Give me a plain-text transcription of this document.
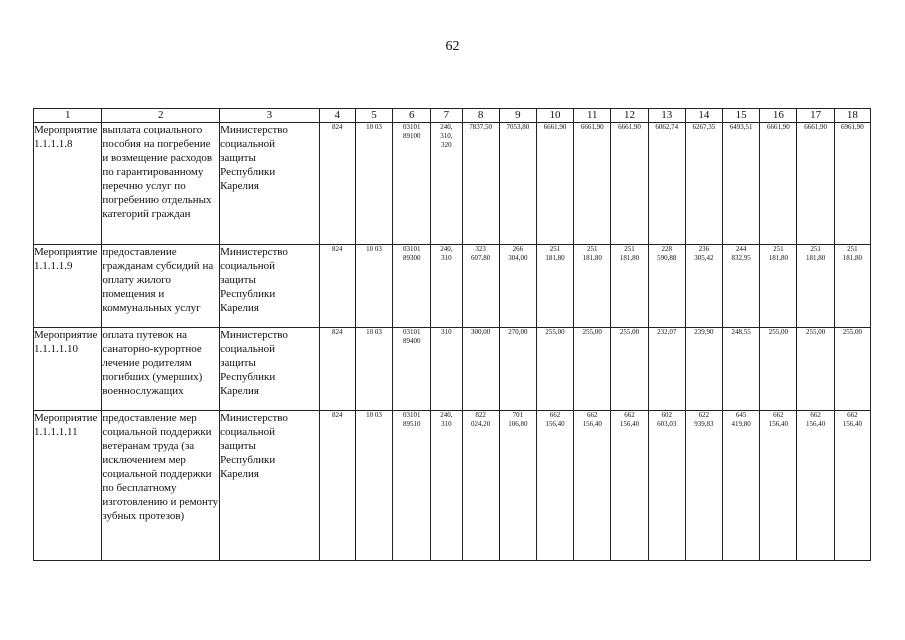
62
1	2	3	4	5	6	7	8	9	10	11	12	13	14	15	16	17	18
Мероприятие
1.1.1.1.8	выплата социального пособия на погребение и возмещение расходов по гарантированному перечню услуг по погребению отдельных категорий граждан	Министерство
социальной
защиты
Республики
Карелия	824	10 03	03101
89100	240,
310,
320	7837,50	7053,80	6661,90	6661,90	6661,90	6062,74	6267,35	6493,51	6661,90	6661,90	6961,90
Мероприятие
1.1.1.1.9	предоставление гражданам субсидий на оплату жилого помещения и коммунальных услуг	Министерство
социальной
защиты
Республики
Карелия	824	10 03	03101
89300	240,
310	323
607,80	266
304,00	251
181,80	251
181,80	251
181,80	228
590,88	236
305,42	244
832,95	251
181,80	251
181,80	251
181,80
Мероприятие
1.1.1.1.10	оплата путевок на санаторно-курортное лечение родителям погибших (умерших) военнослужащих	Министерство
социальной
защиты
Республики
Карелия	824	10 03	03101
89400	310	300,00	270,00	255,00	255,00	255,00	232,07	239,90	248,55	255,00	255,00	255,00
Мероприятие
1.1.1.1.11	предоставление мер социальной поддержки ветеранам труда (за исключением мер социальной поддержки по бесплатному изготовлению и ремонту зубных протезов)	Министерство
социальной
защиты
Республики
Карелия	824	10 03	03101
89510	240,
310	822
024,20	701
106,80	662
156,40	662
156,40	662
156,40	602
603,03	622
939,83	645
419,80	662
156,40	662
156,40	662
156,40
